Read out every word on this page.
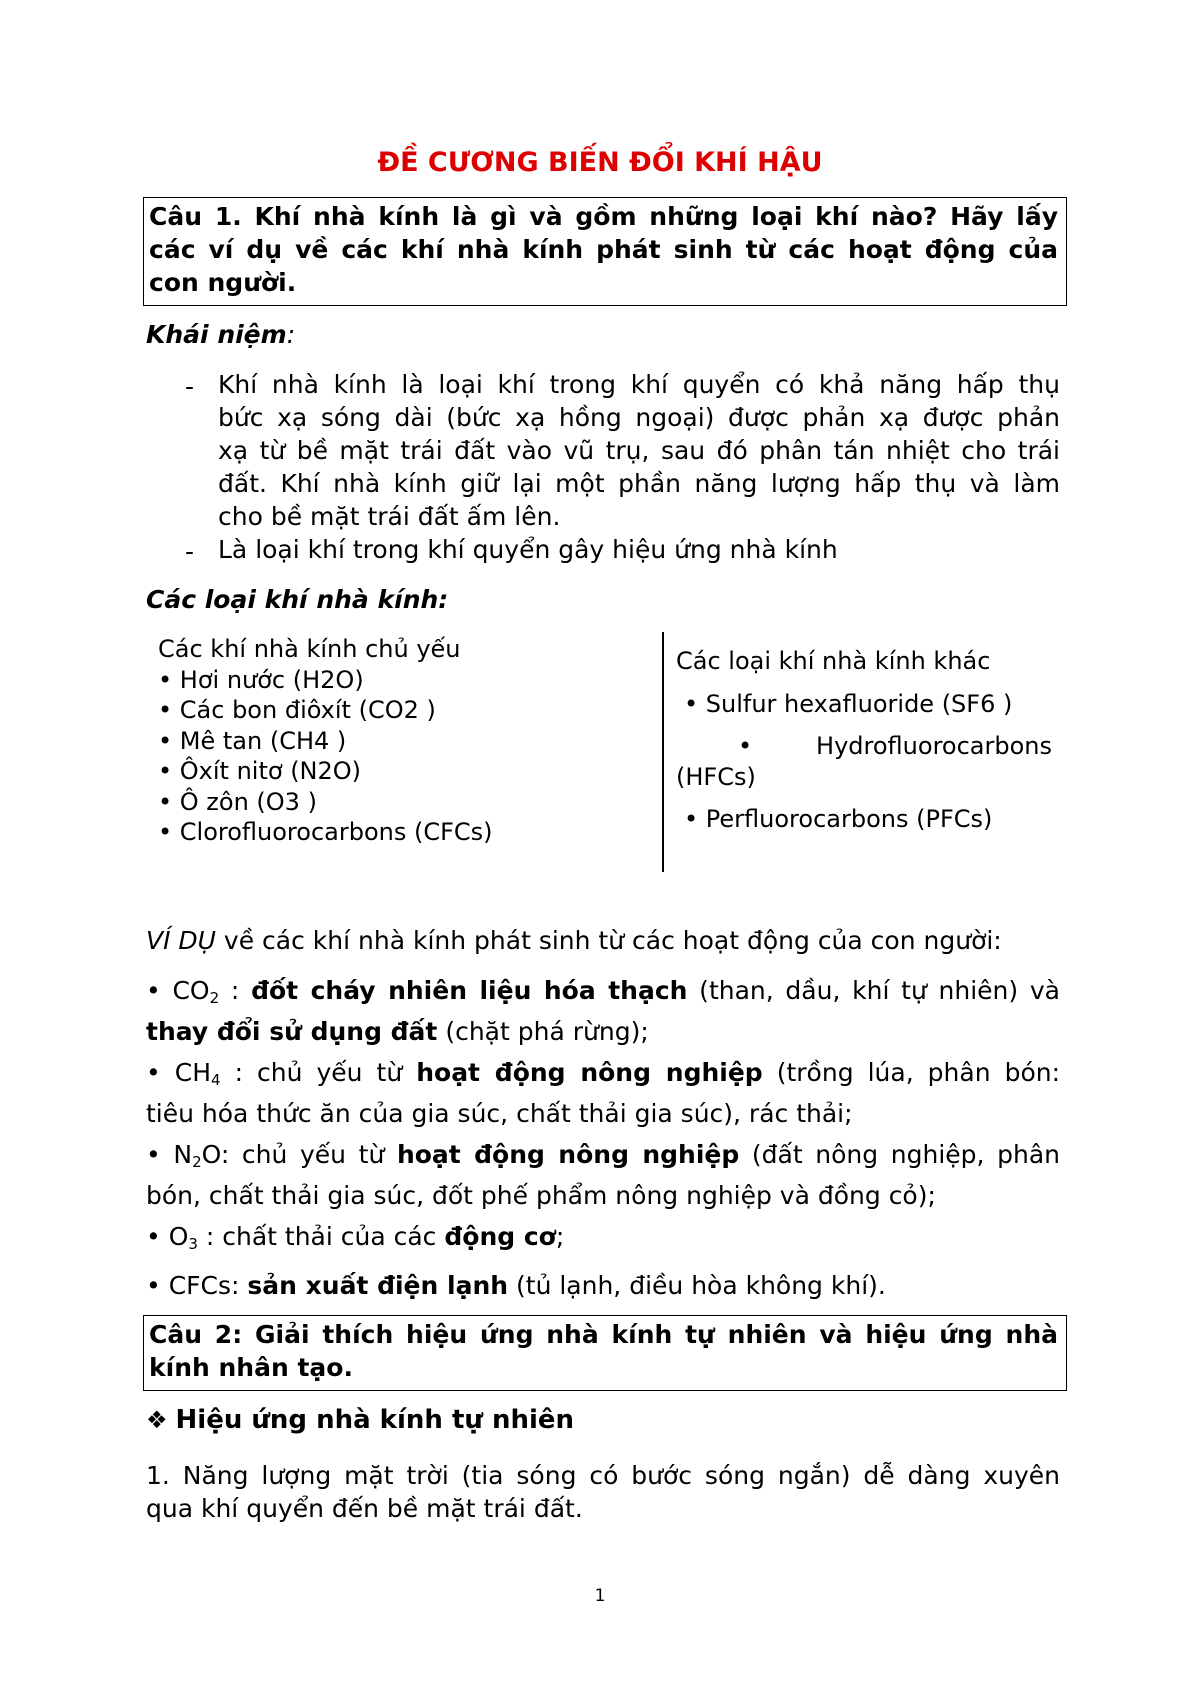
ĐỀ CƯƠNG BIẾN ĐỔI KHÍ HẬU
Câu 1. Khí nhà kính là gì và gồm những loại khí nào? Hãy lấy
các ví dụ về các khí nhà kính phát sinh từ các hoạt động của
con người.
Khái niệm:
- Khí nhà kính là loại khí trong khí quyển có khả năng hấp thụ
bức xạ sóng dài (bức xạ hồng ngoại) được phản xạ được phản
xạ từ bề mặt trái đất vào vũ trụ, sau đó phân tán nhiệt cho trái
đất. Khí nhà kính giữ lại một phần năng lượng hấp thụ và làm
cho bề mặt trái đất ấm lên.
- Là loại khí trong khí quyển gây hiệu ứng nhà kính
Các loại khí nhà kính:
Các khí nhà kính chủ yếu
• Hơi nước (H2O)
• Các bon điôxít (CO2 )
• Mê tan (CH4 )
• Ôxít nitơ (N2O)
• Ô zôn (O3 )
• Clorofluorocarbons (CFCs)
Các loại khí nhà kính khác
• Sulfur hexafluoride (SF6 )
•	Hydrofluorocarbons

(HFCs)
• Perfluorocarbons (PFCs)
VÍ DỤ về các khí nhà kính phát sinh từ các hoạt động của con người:
• $CO_2$ : đốt cháy nhiên liệu hóa thạch (than, dầu, khí tự nhiên) và
thay đổi sử dụng đất (chặt phá rừng);
• $CH_4$ : chủ yếu từ hoạt động nông nghiệp (trồng lúa, phân bón:
tiêu hóa thức ăn của gia súc, chất thải gia súc), rác thải;
• $N_2O$: chủ yếu từ hoạt động nông nghiệp (đất nông nghiệp, phân
bón, chất thải gia súc, đốt phế phẩm nông nghiệp và đồng cỏ);
• $O_3$ : chất thải của các động cơ;
• CFCs: sản xuất điện lạnh (tủ lạnh, điều hòa không khí).
Câu 2: Giải thích hiệu ứng nhà kính tự nhiên và hiệu ứng nhà
kính nhân tạo.
❖ Hiệu ứng nhà kính tự nhiên
1. Năng lượng mặt trời (tia sóng có bước sóng ngắn) dễ dàng xuyên
qua khí quyển đến bề mặt trái đất.
1
